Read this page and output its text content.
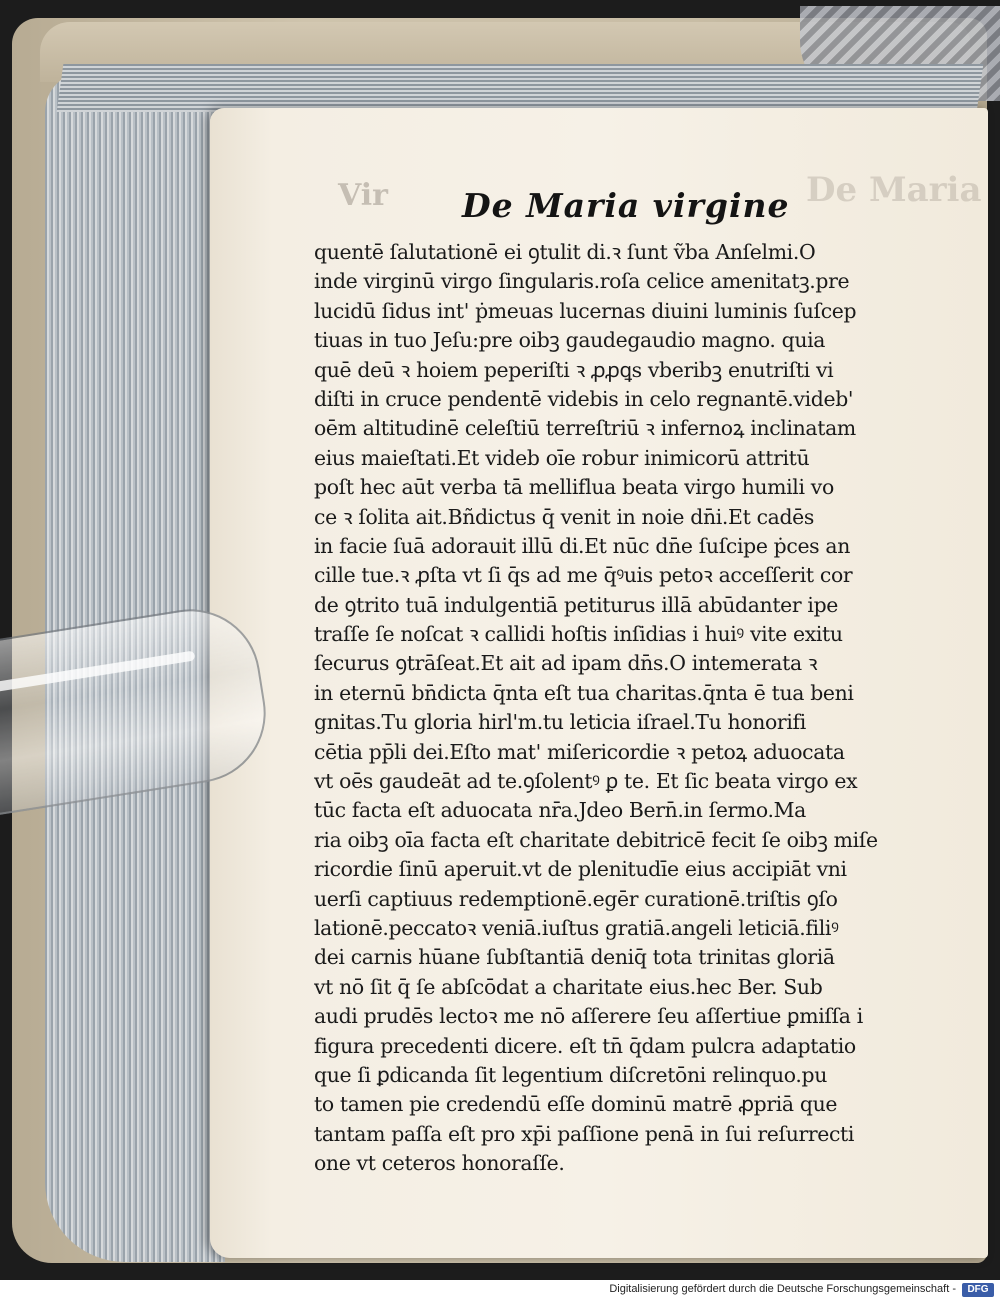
De Maria
Vir	De Maria virgine
quentē ſalutationē ei ꝯtulit di.ꝛ ſunt ṽba Anſelmi.O
inde virginū virgo ſingularis.roſa celice amenitatꝫ.pre
lucidū ſidus int' ṗmeuas lucernas diuini luminis ſuſcep
tiuas in tuo Jeſu:pre oibꝫ gaudegaudio magno. quia
quē deū ꝛ hoiem peperiſti ꝛ ꝓꝓꝗs vberibꝫ enutriſti vi
diſti in cruce pendentē videbis in celo regnantē.videb'
oēm altitudinē celeſtiū terreſtriū ꝛ infernoꝝ inclinatam
eius maieſtati.Et videb oīe robur inimicorū attritū
poſt hec aūt verba tā melliflua beata virgo humili vo
ce ꝛ ſolita ait.Bñdictus q̄ venit in noie dn̄i.Et cadēs
in facie ſuā adorauit illū di.Et nūc dn̄e ſuſcipe ṗces an
cille tue.ꝛ ꝓſta vt ſi q̄s ad me q̄ꝰuis petoꝛ acceſſerit cor
de ꝯtrito tuā indulgentiā petiturus illā abūdanter ipe
traſſe ſe noſcat ꝛ callidi hoſtis inſidias i huiꝰ vite exitu
ſecurus ꝯtrāſeat.Et ait ad ipam dn̄s.O intemerata ꝛ
in eternū bn̄dicta q̄nta eſt tua charitas.q̄nta ē tua beni
gnitas.Tu gloria hirl'm.tu leticia iſrael.Tu honorifi
cētia pp̄li dei.Eſto mat' miſericordie ꝛ petoꝝ aduocata
vt oēs gaudeāt ad te.ꝯſolentꝰ ꝑ te. Et ſic beata virgo ex
tūc facta eſt aduocata nr̄a.Jdeo Bern̄.in ſermo.Ma
ria oibꝫ oīa facta eſt charitate debitricē fecit ſe oibꝫ miſe
ricordie ſinū aperuit.vt de plenitudīe eius accipiāt vni
uerſi captiuus redemptionē.egēr curationē.triſtis ꝯſo
lationē.peccatoꝛ veniā.iuſtus gratiā.angeli leticiā.filiꝰ
dei carnis hūane ſubſtantiā deniq̄ tota trinitas gloriā
vt nō ſit q̄ ſe abſcōdat a charitate eius.hec Ber. Sub
audi prudēs lectoꝛ me nō aſſerere ſeu aſſertiue ꝑmiſſa i
figura precedenti dicere. eſt tn̄ q̄dam pulcra adaptatio
que ſi ꝑdicanda ſit legentium diſcretōni relinquo.pu
to tamen pie credendū eſſe dominū matrē ꝓpriā que
tantam paſſa eſt pro xp̄i paſſione penā in ſui reſurrecti
one vt ceteros honoraſſe.
Digitalisierung gefördert durch die Deutsche Forschungsgemeinschaft -	DFG
